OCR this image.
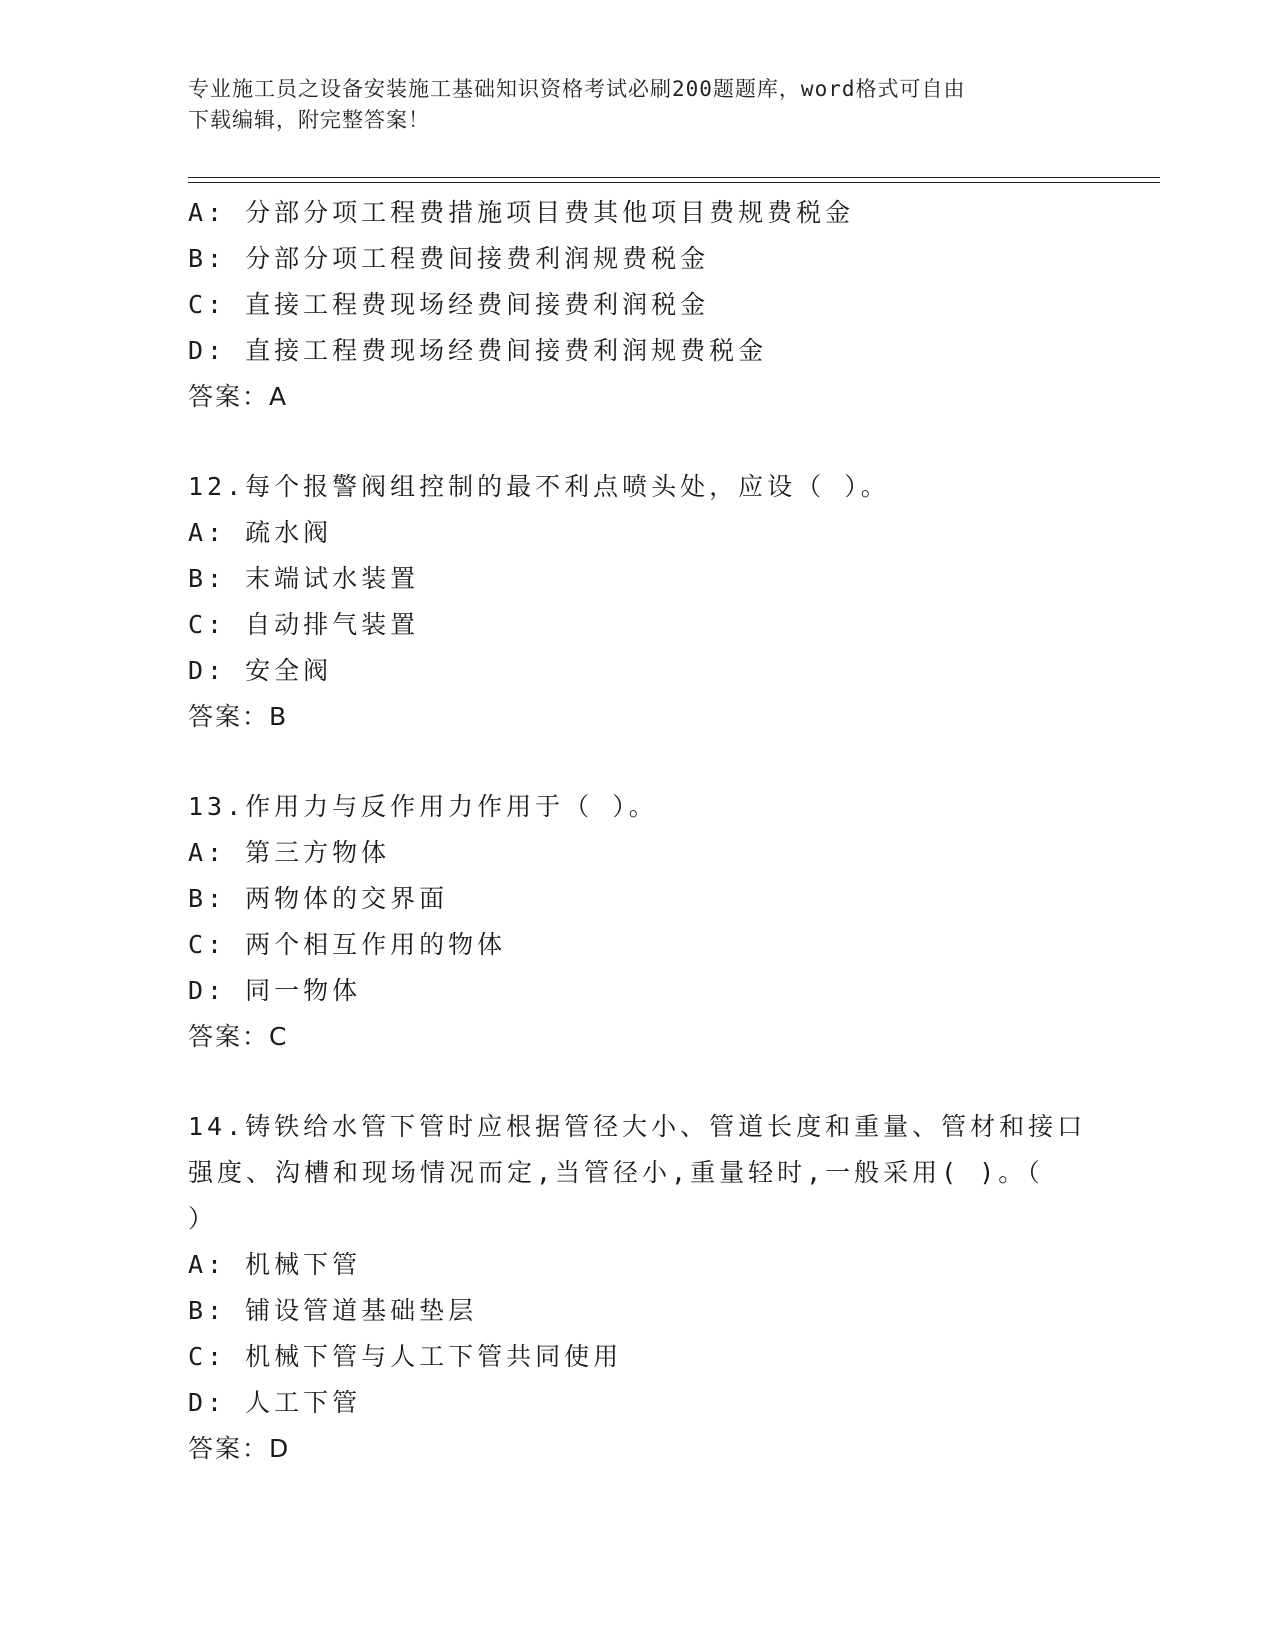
专业施工员之设备安装施工基础知识资格考试必刷200题题库，word格式可自由
下载编辑，附完整答案！
A: 分部分项工程费措施项目费其他项目费规费税金
B: 分部分项工程费间接费利润规费税金
C: 直接工程费现场经费间接费利润税金
D: 直接工程费现场经费间接费利润规费税金
答案：A
12.每个报警阀组控制的最不利点喷头处，应设（ ）。
A: 疏水阀
B: 末端试水装置
C: 自动排气装置
D: 安全阀
答案：B
13.作用力与反作用力作用于（ ）。
A: 第三方物体
B: 两物体的交界面
C: 两个相互作用的物体
D: 同一物体
答案：C
14.铸铁给水管下管时应根据管径大小、管道长度和重量、管材和接口
强度、沟槽和现场情况而定,当管径小,重量轻时,一般采用( )。（
）
A: 机械下管
B: 铺设管道基础垫层
C: 机械下管与人工下管共同使用
D: 人工下管
答案：D
